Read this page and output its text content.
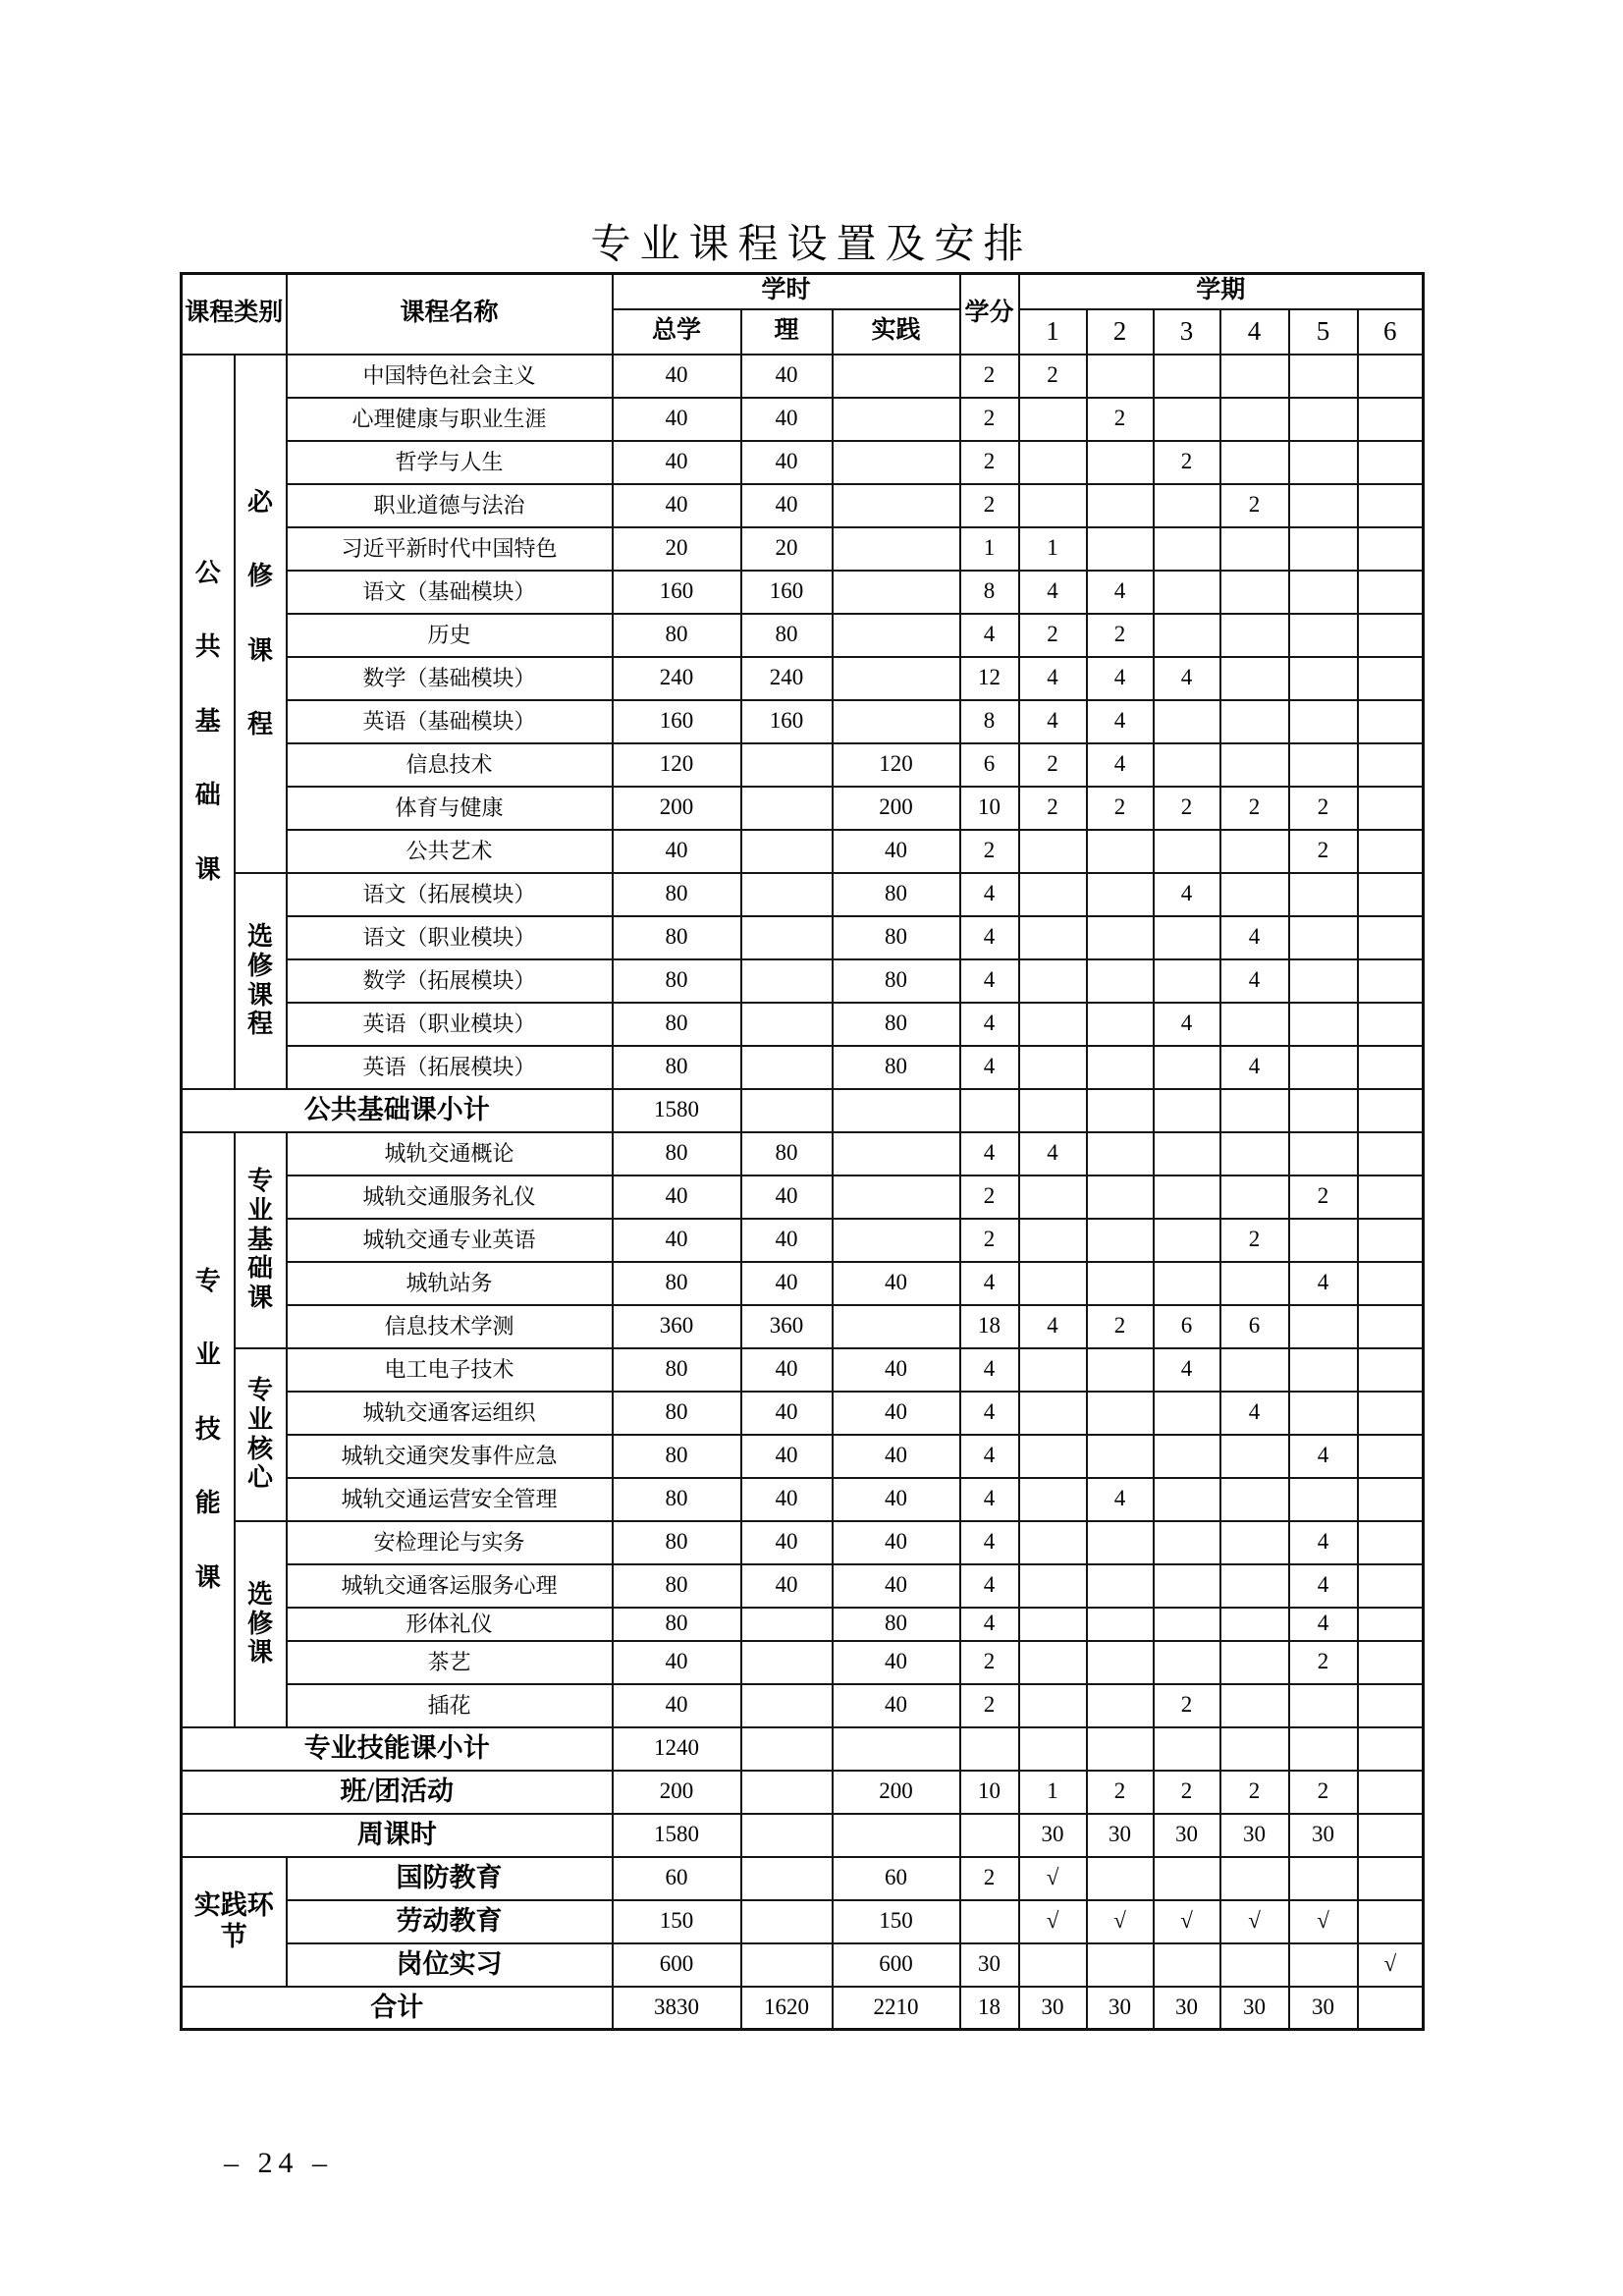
专业课程设置及安排
课程类别		课程名称	学时			学分	学期					
			总学	理	实践		1	2	3	4	5	6
公共基础课	必修课程	中国特色社会主义	40	40		2	2					
		心理健康与职业生涯	40	40		2		2				
		哲学与人生	40	40		2			2			
		职业道德与法治	40	40		2				2		
		习近平新时代中国特色	20	20		1	1					
		语文（基础模块）	160	160		8	4	4				
		历史	80	80		4	2	2				
		数学（基础模块）	240	240		12	4	4	4			
		英语（基础模块）	160	160		8	4	4				
		信息技术	120		120	6	2	4				
		体育与健康	200		200	10	2	2	2	2	2	
		公共艺术	40		40	2					2	
	选修课程	语文（拓展模块）	80		80	4			4			
		语文（职业模块）	80		80	4				4		
		数学（拓展模块）	80		80	4				4		
		英语（职业模块）	80		80	4			4			
		英语（拓展模块）	80		80	4				4		
公共基础课小计			1580									
专业技能课	专业基础课	城轨交通概论	80	80		4	4					
		城轨交通服务礼仪	40	40		2					2	
		城轨交通专业英语	40	40		2				2		
		城轨站务	80	40	40	4					4	
		信息技术学测	360	360		18	4	2	6	6		
	专业核心	电工电子技术	80	40	40	4			4			
		城轨交通客运组织	80	40	40	4				4		
		城轨交通突发事件应急	80	40	40	4					4	
		城轨交通运营安全管理	80	40	40	4		4				
	选修课	安检理论与实务	80	40	40	4					4	
		城轨交通客运服务心理	80	40	40	4					4	
		形体礼仪	80		80	4					4	
		茶艺	40		40	2					2	
		插花	40		40	2			2			
专业技能课小计			1240									
班/团活动			200		200	10	1	2	2	2	2	
周课时			1580				30	30	30	30	30	
实践环节		国防教育	60		60	2	√					
		劳动教育	150		150		√	√	√	√	√	
		岗位实习	600		600	30						√
合计			3830	1620	2210	18	30	30	30	30	30	
– 24 –
